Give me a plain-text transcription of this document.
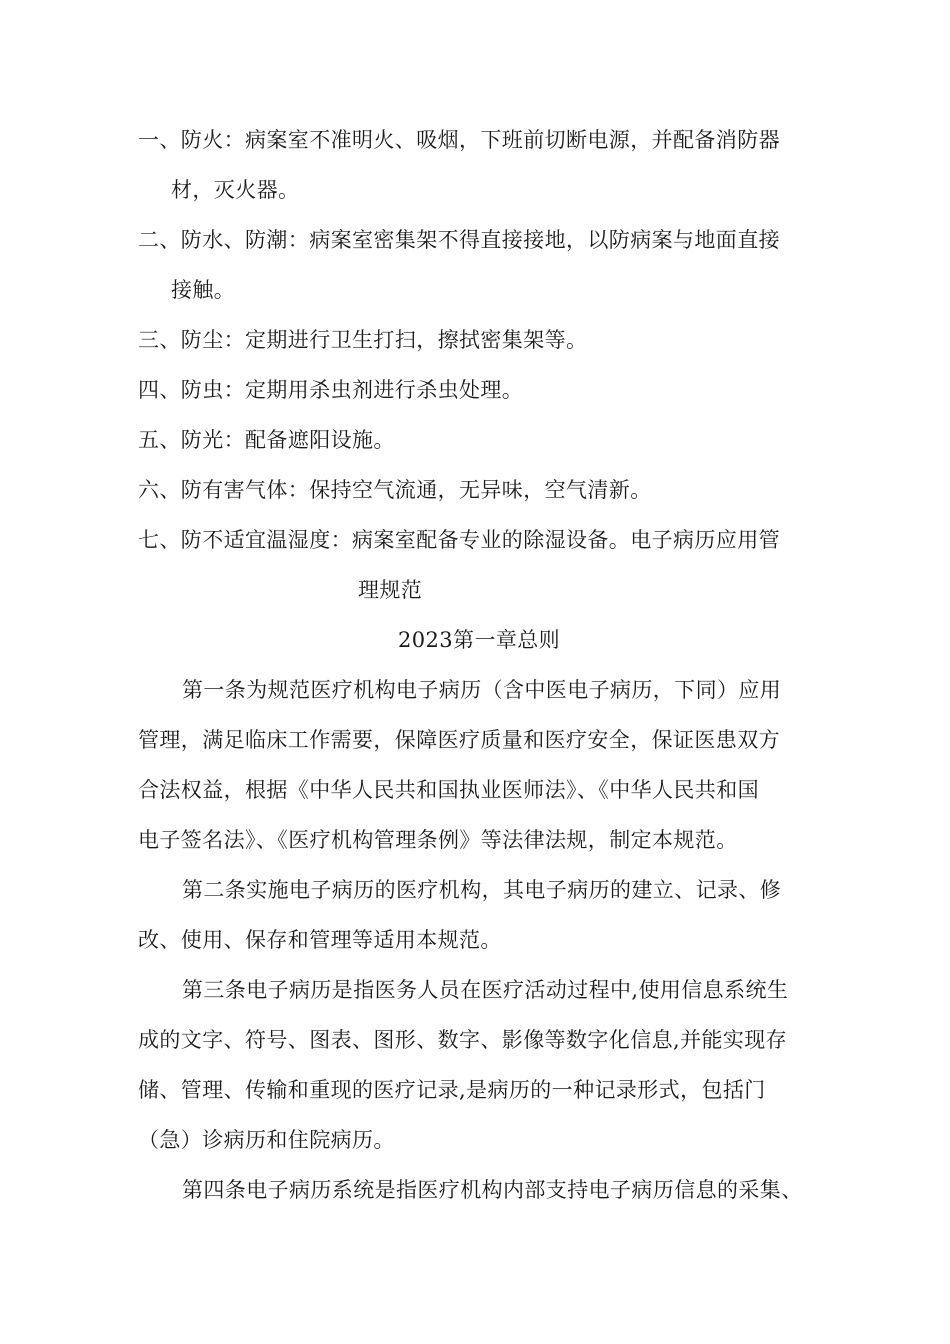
一、防火：病案室不准明火、吸烟，下班前切断电源，并配备消防器
材，灭火器。
二、防水、防潮：病案室密集架不得直接接地，以防病案与地面直接
接触。
三、防尘：定期进行卫生打扫，擦拭密集架等。
四、防虫：定期用杀虫剂进行杀虫处理。
五、防光：配备遮阳设施。
六、防有害气体：保持空气流通，无异味，空气清新。
七、防不适宜温湿度：病案室配备专业的除湿设备。电子病历应用管
理规范
2023第一章总则
第一条为规范医疗机构电子病历（含中医电子病历，下同）应用
管理，满足临床工作需要，保障医疗质量和医疗安全，保证医患双方
合法权益，根据《中华人民共和国执业医师法》、《中华人民共和国
电子签名法》、《医疗机构管理条例》等法律法规，制定本规范。
第二条实施电子病历的医疗机构，其电子病历的建立、记录、修
改、使用、保存和管理等适用本规范。
第三条电子病历是指医务人员在医疗活动过程中,使用信息系统生
成的文字、符号、图表、图形、数字、影像等数字化信息,并能实现存
储、管理、传输和重现的医疗记录,是病历的一种记录形式，包括门
（急）诊病历和住院病历。
第四条电子病历系统是指医疗机构内部支持电子病历信息的采集、
